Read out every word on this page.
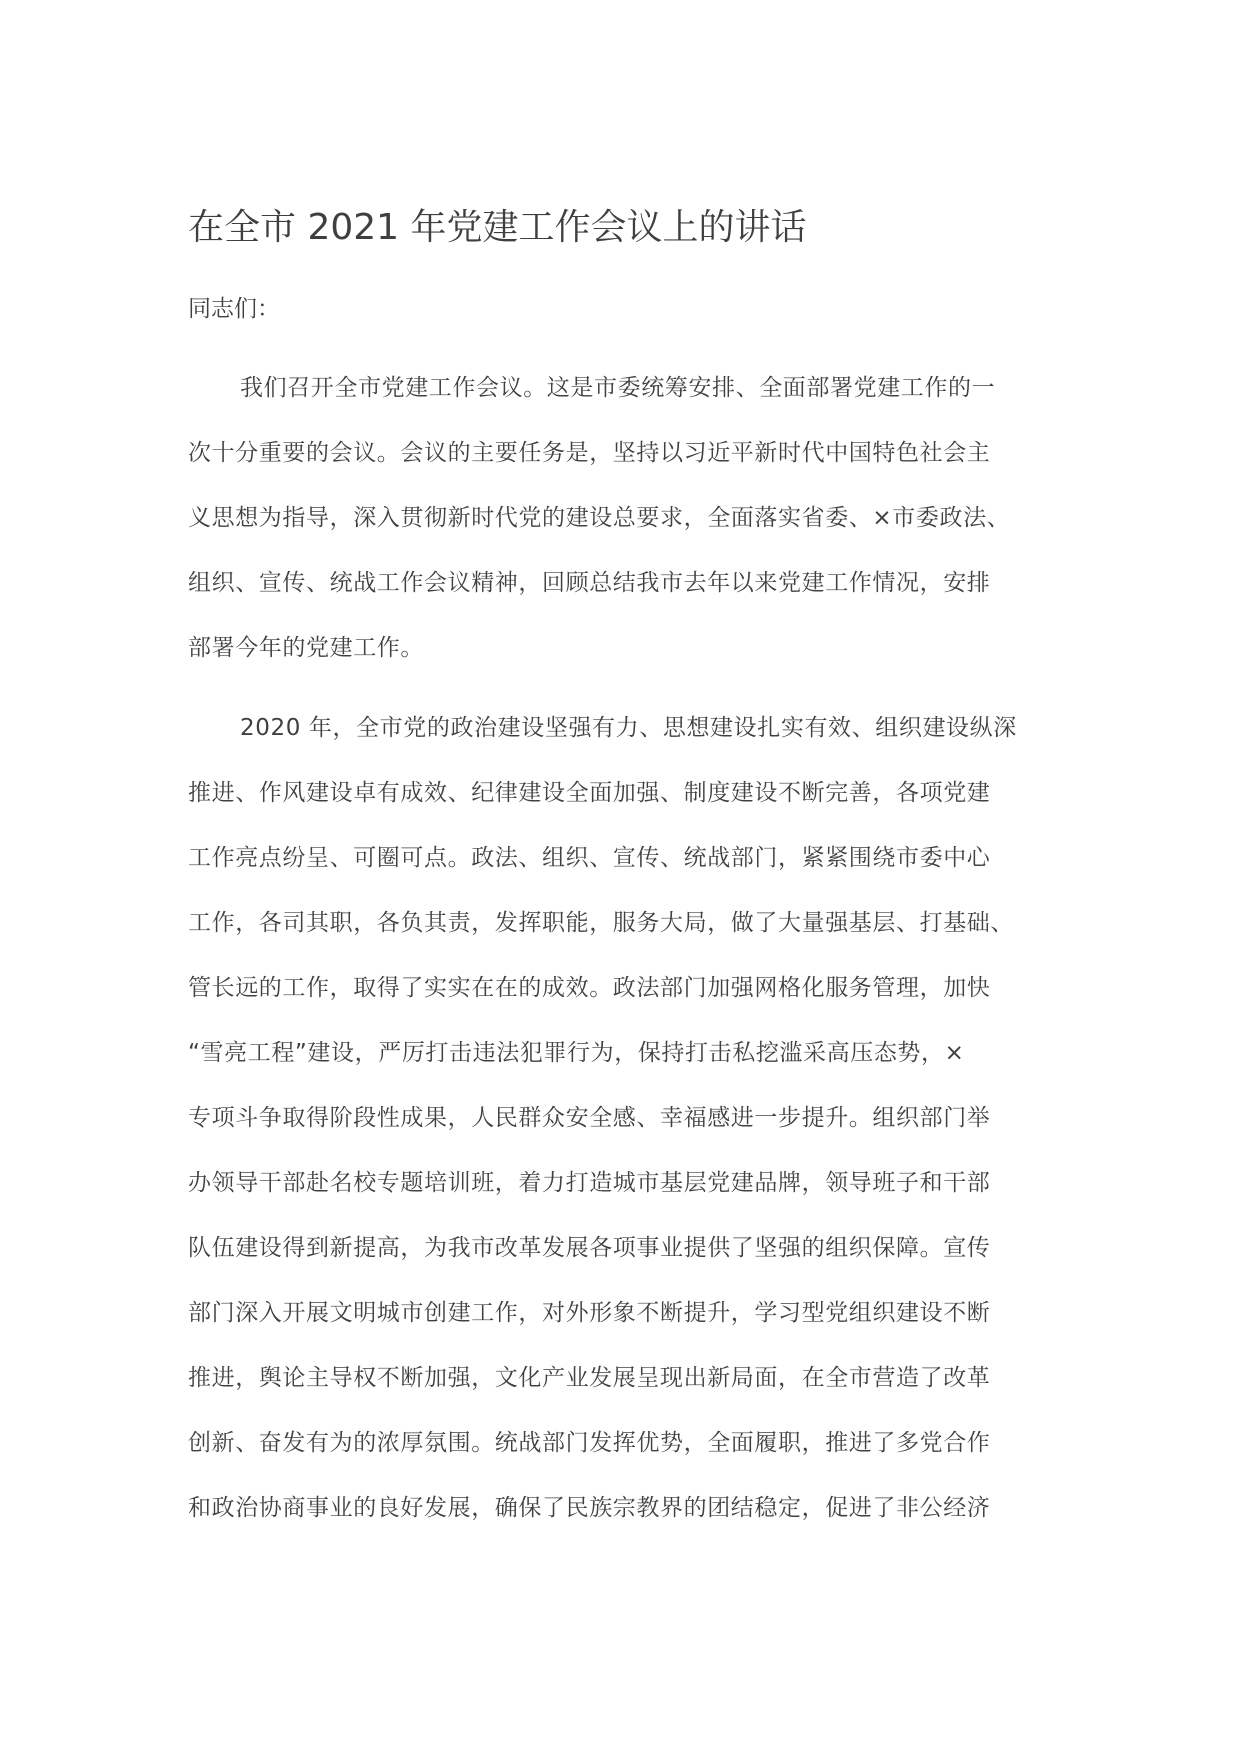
在全市 2021 年党建工作会议上的讲话
同志们：
我们召开全市党建工作会议。这是市委统筹安排、全面部署党建工作的一
次十分重要的会议。会议的主要任务是，坚持以习近平新时代中国特色社会主
义思想为指导，深入贯彻新时代党的建设总要求，全面落实省委、×市委政法、
组织、宣传、统战工作会议精神，回顾总结我市去年以来党建工作情况，安排
部署今年的党建工作。
2020 年，全市党的政治建设坚强有力、思想建设扎实有效、组织建设纵深
推进、作风建设卓有成效、纪律建设全面加强、制度建设不断完善，各项党建
工作亮点纷呈、可圈可点。政法、组织、宣传、统战部门，紧紧围绕市委中心
工作，各司其职，各负其责，发挥职能，服务大局，做了大量强基层、打基础、
管长远的工作，取得了实实在在的成效。政法部门加强网格化服务管理，加快
“雪亮工程”建设，严厉打击违法犯罪行为，保持打击私挖滥采高压态势，×
专项斗争取得阶段性成果，人民群众安全感、幸福感进一步提升。组织部门举
办领导干部赴名校专题培训班，着力打造城市基层党建品牌，领导班子和干部
队伍建设得到新提高，为我市改革发展各项事业提供了坚强的组织保障。宣传
部门深入开展文明城市创建工作，对外形象不断提升，学习型党组织建设不断
推进，舆论主导权不断加强，文化产业发展呈现出新局面，在全市营造了改革
创新、奋发有为的浓厚氛围。统战部门发挥优势，全面履职，推进了多党合作
和政治协商事业的良好发展，确保了民族宗教界的团结稳定，促进了非公经济
